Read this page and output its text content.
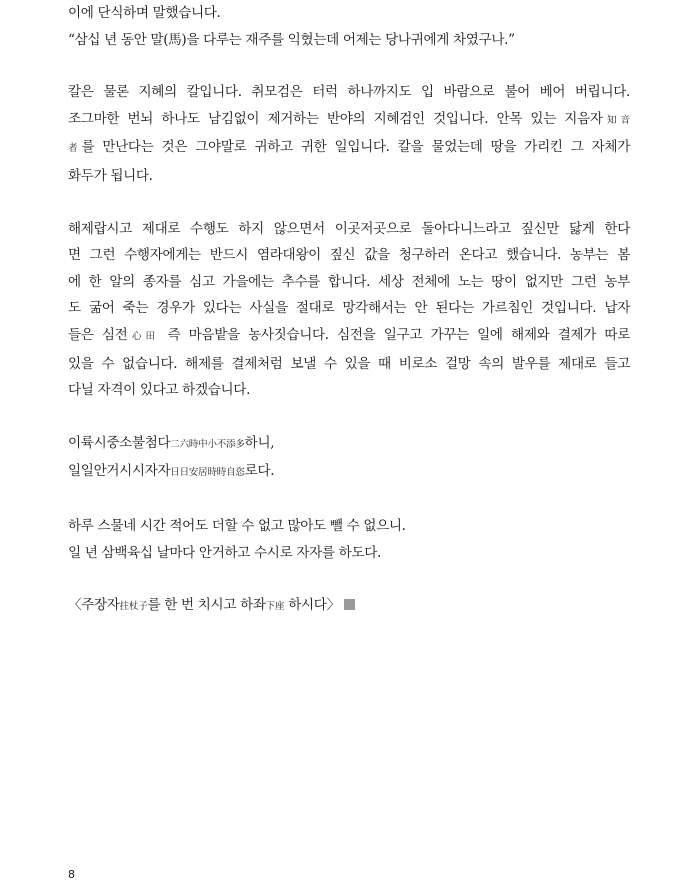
이에 단식하며 말했습니다.
“삼십 년 동안 말(馬)을 다루는 재주를 익혔는데 어제는 당나귀에게 차였구나.”
칼은 물론 지혜의 칼입니다. 취모검은 터럭 하나까지도 입 바람으로 불어 베어 버립니다.
조그마한 번뇌 하나도 남김없이 제거하는 반야의 지혜검인 것입니다. 안목 있는 지음자知音
者를 만난다는 것은 그야말로 귀하고 귀한 일입니다. 칼을 물었는데 땅을 가리킨 그 자체가
화두가 됩니다.
해제랍시고 제대로 수행도 하지 않으면서 이곳저곳으로 돌아다니느라고 짚신만 닳게 한다
면 그런 수행자에게는 반드시 염라대왕이 짚신 값을 청구하러 온다고 했습니다. 농부는 봄
에 한 알의 종자를 심고 가을에는 추수를 합니다. 세상 전체에 노는 땅이 없지만 그런 농부
도 굶어 죽는 경우가 있다는 사실을 절대로 망각해서는 안 된다는 가르침인 것입니다. 납자
들은 심전心田 즉 마음밭을 농사짓습니다. 심전을 일구고 가꾸는 일에 해제와 결제가 따로
있을 수 없습니다. 해제를 결제처럼 보낼 수 있을 때 비로소 걸망 속의 발우를 제대로 들고
다닐 자격이 있다고 하겠습니다.
이륙시중소불첨다二六時中小不添多하니,
일일안거시시자자日日安居時時自恣로다.
하루 스물네 시간 적어도 더할 수 없고 많아도 뺄 수 없으니.
일 년 삼백육십 날마다 안거하고 수시로 자자를 하도다.
〈주장자拄杖子를 한 번 치시고 하좌下座 하시다〉
8
